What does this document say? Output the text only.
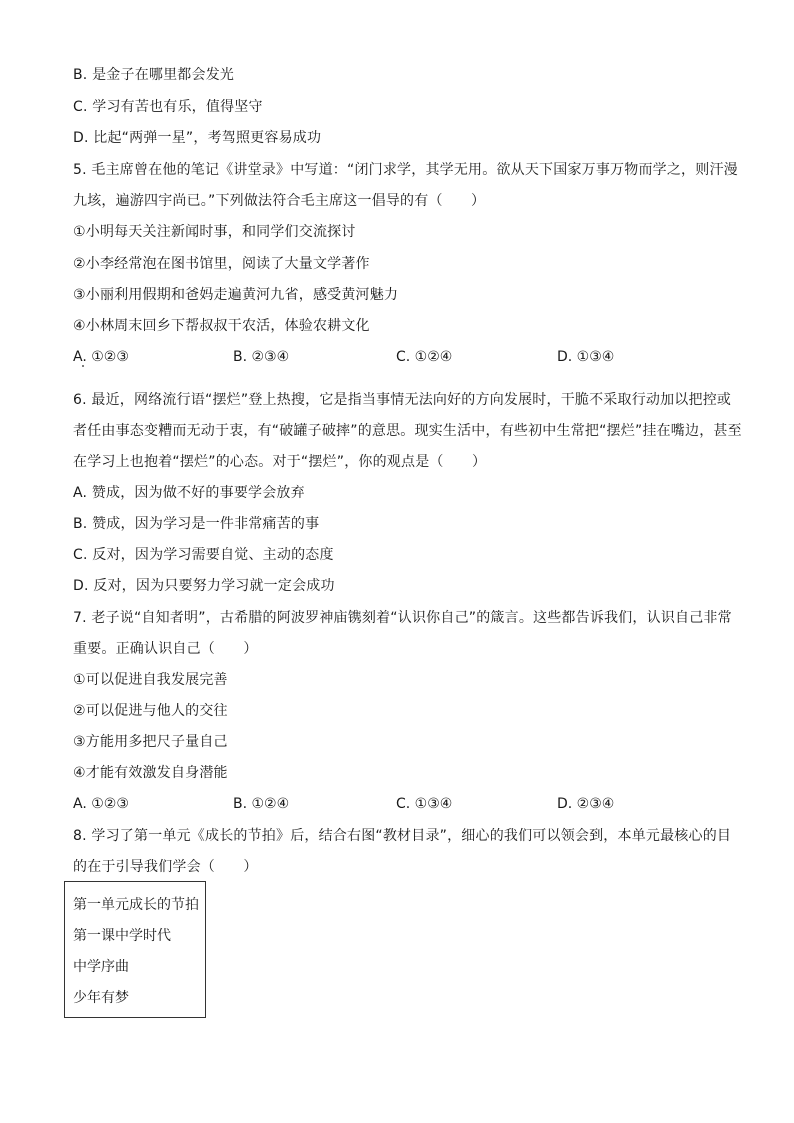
B. 是金子在哪里都会发光
C. 学习有苦也有乐，值得坚守
D. 比起“两弹一星”，考驾照更容易成功
5. 毛主席曾在他的笔记《讲堂录》中写道：“闭门求学，其学无用。欲从天下国家万事万物而学之，则汗漫
九垓，遍游四宇尚已。”下列做法符合毛主席这一倡导的有（　　）
①小明每天关注新闻时事，和同学们交流探讨
②小李经常泡在图书馆里，阅读了大量文学著作
③小丽利用假期和爸妈走遍黄河九省，感受黄河魅力
④小林周末回乡下帮叔叔干农活，体验农耕文化
A. ①②③	B. ②③④	C. ①②④	D. ①③④
6. 最近，网络流行语“摆烂”登上热搜，它是指当事情无法向好的方向发展时，干脆不采取行动加以把控或
者任由事态变糟而无动于衷，有“破罐子破摔”的意思。现实生活中，有些初中生常把“摆烂”挂在嘴边，甚至
在学习上也抱着“摆烂”的心态。对于“摆烂”，你的观点是（　　）
A. 赞成，因为做不好的事要学会放弃
B. 赞成，因为学习是一件非常痛苦的事
C. 反对，因为学习需要自觉、主动的态度
D. 反对，因为只要努力学习就一定会成功
7. 老子说“自知者明”，古希腊的阿波罗神庙镌刻着“认识你自己”的箴言。这些都告诉我们，认识自己非常
重要。正确认识自己（　　）
①可以促进自我发展完善
②可以促进与他人的交往
③方能用多把尺子量自己
④才能有效激发自身潜能
A. ①②③	B. ①②④	C. ①③④	D. ②③④
8. 学习了第一单元《成长的节拍》后，结合右图“教材目录”，细心的我们可以领会到，本单元最核心的目
的在于引导我们学会（　　）
第一单元成长的节拍
第一课中学时代
中学序曲
少年有梦
